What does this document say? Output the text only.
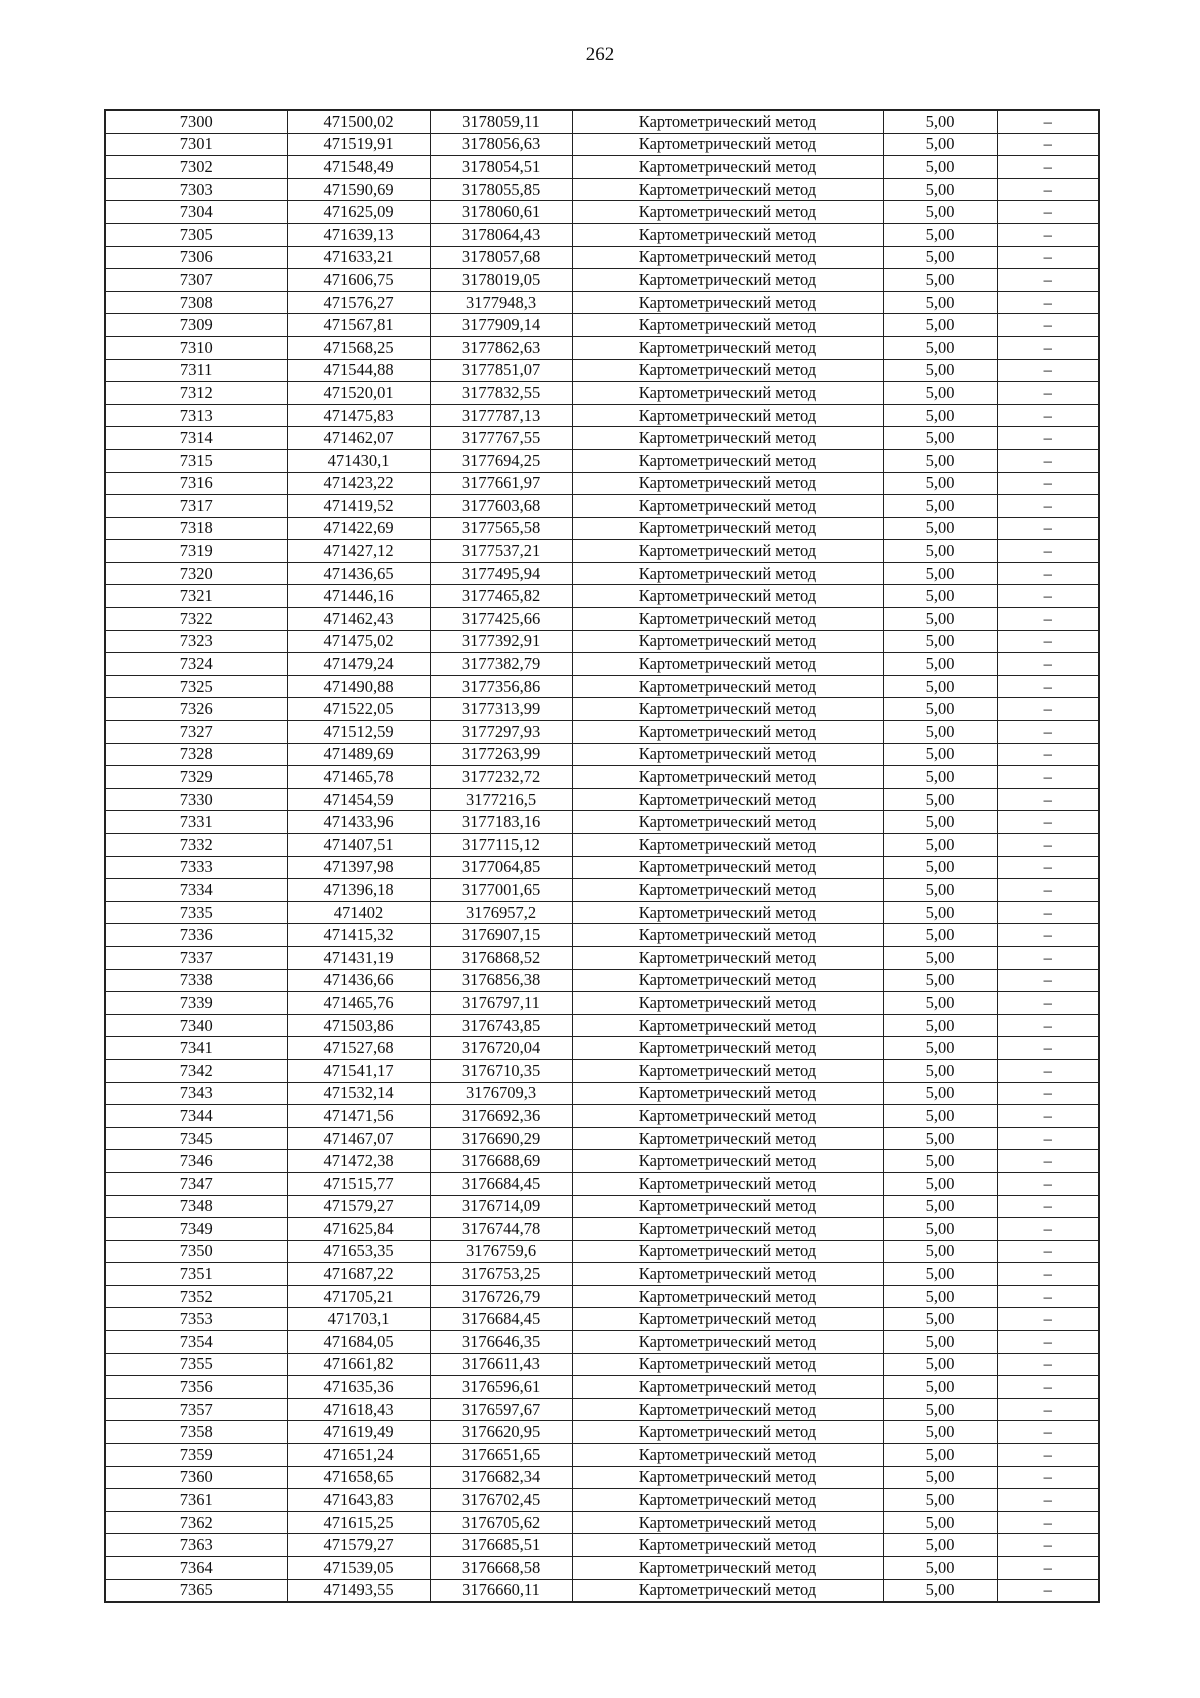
262
7300	471500,02	3178059,11	Картометрический метод	5,00	–
7301	471519,91	3178056,63	Картометрический метод	5,00	–
7302	471548,49	3178054,51	Картометрический метод	5,00	–
7303	471590,69	3178055,85	Картометрический метод	5,00	–
7304	471625,09	3178060,61	Картометрический метод	5,00	–
7305	471639,13	3178064,43	Картометрический метод	5,00	–
7306	471633,21	3178057,68	Картометрический метод	5,00	–
7307	471606,75	3178019,05	Картометрический метод	5,00	–
7308	471576,27	3177948,3	Картометрический метод	5,00	–
7309	471567,81	3177909,14	Картометрический метод	5,00	–
7310	471568,25	3177862,63	Картометрический метод	5,00	–
7311	471544,88	3177851,07	Картометрический метод	5,00	–
7312	471520,01	3177832,55	Картометрический метод	5,00	–
7313	471475,83	3177787,13	Картометрический метод	5,00	–
7314	471462,07	3177767,55	Картометрический метод	5,00	–
7315	471430,1	3177694,25	Картометрический метод	5,00	–
7316	471423,22	3177661,97	Картометрический метод	5,00	–
7317	471419,52	3177603,68	Картометрический метод	5,00	–
7318	471422,69	3177565,58	Картометрический метод	5,00	–
7319	471427,12	3177537,21	Картометрический метод	5,00	–
7320	471436,65	3177495,94	Картометрический метод	5,00	–
7321	471446,16	3177465,82	Картометрический метод	5,00	–
7322	471462,43	3177425,66	Картометрический метод	5,00	–
7323	471475,02	3177392,91	Картометрический метод	5,00	–
7324	471479,24	3177382,79	Картометрический метод	5,00	–
7325	471490,88	3177356,86	Картометрический метод	5,00	–
7326	471522,05	3177313,99	Картометрический метод	5,00	–
7327	471512,59	3177297,93	Картометрический метод	5,00	–
7328	471489,69	3177263,99	Картометрический метод	5,00	–
7329	471465,78	3177232,72	Картометрический метод	5,00	–
7330	471454,59	3177216,5	Картометрический метод	5,00	–
7331	471433,96	3177183,16	Картометрический метод	5,00	–
7332	471407,51	3177115,12	Картометрический метод	5,00	–
7333	471397,98	3177064,85	Картометрический метод	5,00	–
7334	471396,18	3177001,65	Картометрический метод	5,00	–
7335	471402	3176957,2	Картометрический метод	5,00	–
7336	471415,32	3176907,15	Картометрический метод	5,00	–
7337	471431,19	3176868,52	Картометрический метод	5,00	–
7338	471436,66	3176856,38	Картометрический метод	5,00	–
7339	471465,76	3176797,11	Картометрический метод	5,00	–
7340	471503,86	3176743,85	Картометрический метод	5,00	–
7341	471527,68	3176720,04	Картометрический метод	5,00	–
7342	471541,17	3176710,35	Картометрический метод	5,00	–
7343	471532,14	3176709,3	Картометрический метод	5,00	–
7344	471471,56	3176692,36	Картометрический метод	5,00	–
7345	471467,07	3176690,29	Картометрический метод	5,00	–
7346	471472,38	3176688,69	Картометрический метод	5,00	–
7347	471515,77	3176684,45	Картометрический метод	5,00	–
7348	471579,27	3176714,09	Картометрический метод	5,00	–
7349	471625,84	3176744,78	Картометрический метод	5,00	–
7350	471653,35	3176759,6	Картометрический метод	5,00	–
7351	471687,22	3176753,25	Картометрический метод	5,00	–
7352	471705,21	3176726,79	Картометрический метод	5,00	–
7353	471703,1	3176684,45	Картометрический метод	5,00	–
7354	471684,05	3176646,35	Картометрический метод	5,00	–
7355	471661,82	3176611,43	Картометрический метод	5,00	–
7356	471635,36	3176596,61	Картометрический метод	5,00	–
7357	471618,43	3176597,67	Картометрический метод	5,00	–
7358	471619,49	3176620,95	Картометрический метод	5,00	–
7359	471651,24	3176651,65	Картометрический метод	5,00	–
7360	471658,65	3176682,34	Картометрический метод	5,00	–
7361	471643,83	3176702,45	Картометрический метод	5,00	–
7362	471615,25	3176705,62	Картометрический метод	5,00	–
7363	471579,27	3176685,51	Картометрический метод	5,00	–
7364	471539,05	3176668,58	Картометрический метод	5,00	–
7365	471493,55	3176660,11	Картометрический метод	5,00	–
